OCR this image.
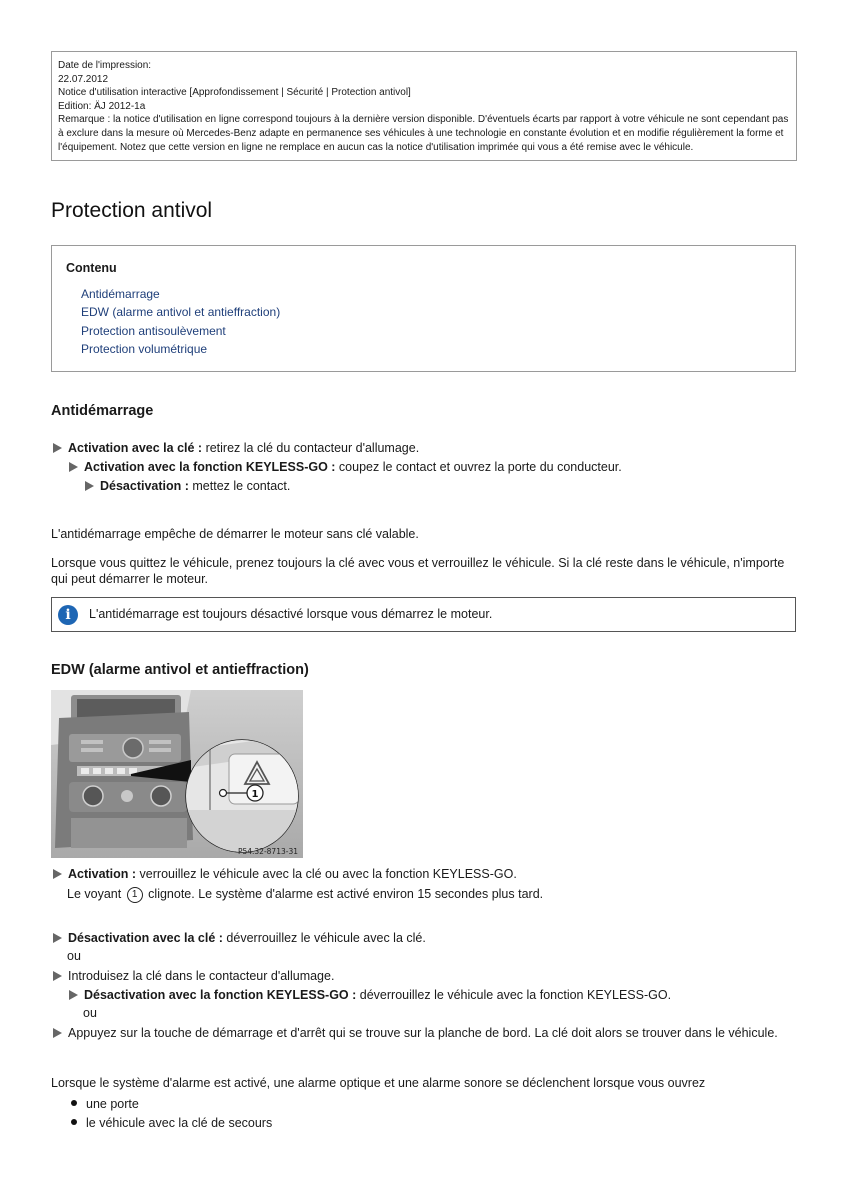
Date de l'impression:
22.07.2012
Notice d'utilisation interactive [Approfondissement | Sécurité | Protection antivol]
Edition: ÄJ 2012-1a
Remarque : la notice d'utilisation en ligne correspond toujours à la dernière version disponible. D'éventuels écarts par rapport à votre véhicule ne sont cependant pas à exclure dans la mesure où Mercedes-Benz adapte en permanence ses véhicules à une technologie en constante évolution et en modifie régulièrement la forme et l'équipement. Notez que cette version en ligne ne remplace en aucun cas la notice d'utilisation imprimée qui vous a été remise avec le véhicule.
Protection antivol
Contenu
Antidémarrage
EDW (alarme antivol et antieffraction)
Protection antisoulèvement
Protection volumétrique
Antidémarrage
Activation avec la clé : retirez la clé du contacteur d'allumage.
Activation avec la fonction KEYLESS-GO : coupez le contact et ouvrez la porte du conducteur.
Désactivation : mettez le contact.

L'antidémarrage empêche de démarrer le moteur sans clé valable.

Lorsque vous quittez le véhicule, prenez toujours la clé avec vous et verrouillez le véhicule. Si la clé reste dans le véhicule, n'importe qui peut démarrer le moteur.

i	L'antidémarrage est toujours désactivé lorsque vous démarrez le moteur.
EDW (alarme antivol et antieffraction)
1
P54.32-8713-31
Activation : verrouillez le véhicule avec la clé ou avec la fonction KEYLESS-GO.
Le voyant 1 clignote. Le système d'alarme est activé environ 15 secondes plus tard.
Désactivation avec la clé : déverrouillez le véhicule avec la clé.
ou
Introduisez la clé dans le contacteur d'allumage.
Désactivation avec la fonction KEYLESS-GO : déverrouillez le véhicule avec la fonction KEYLESS-GO.
ou
Appuyez sur la touche de démarrage et d'arrêt qui se trouve sur la planche de bord. La clé doit alors se trouver dans le véhicule.

Lorsque le système d'alarme est activé, une alarme optique et une alarme sonore se déclenchent lorsque vous ouvrez

une porte
le véhicule avec la clé de secours
